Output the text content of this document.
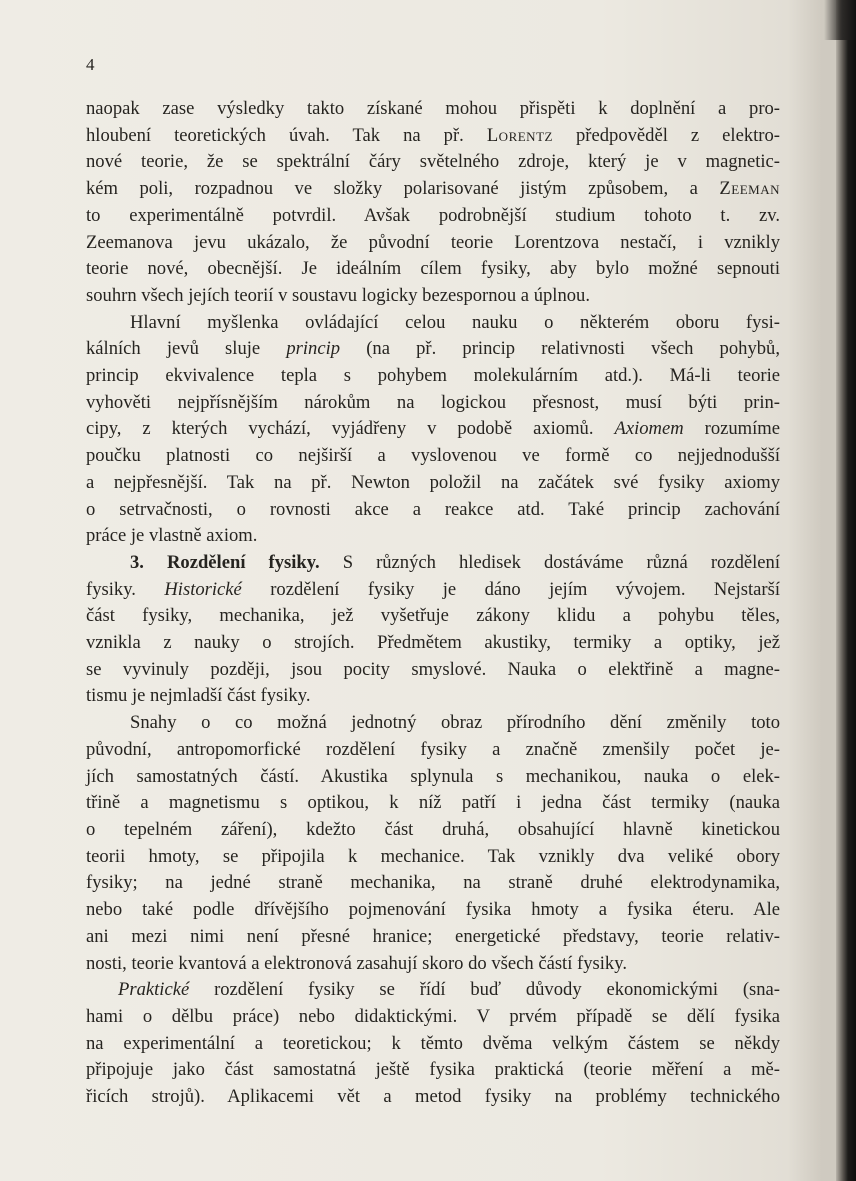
4
naopak zase výsledky takto získané mohou přispěti k doplnění a pro-
hloubení teoretických úvah. Tak na př. Lorentz předpověděl z elektro-
nové teorie, že se spektrální čáry světelného zdroje, který je v magnetic-
kém poli, rozpadnou ve složky polarisované jistým způsobem, a Zeeman
to experimentálně potvrdil. Avšak podrobnější studium tohoto t. zv.
Zeemanova jevu ukázalo, že původní teorie Lorentzova nestačí, i vznikly
teorie nové, obecnější. Je ideálním cílem fysiky, aby bylo možné sepnouti
souhrn všech jejích teorií v soustavu logicky bezespornou a úplnou.
Hlavní myšlenka ovládající celou nauku o některém oboru fysi-
kálních jevů sluje princip (na př. princip relativnosti všech pohybů,
princip ekvivalence tepla s pohybem molekulárním atd.). Má-li teorie
vyhověti nejpřísnějším nárokům na logickou přesnost, musí býti prin-
cipy, z kterých vychází, vyjádřeny v podobě axiomů. Axiomem rozumíme
poučku platnosti co nejširší a vyslovenou ve formě co nejjednodušší
a nejpřesnější. Tak na př. Newton položil na začátek své fysiky axiomy
o setrvačnosti, o rovnosti akce a reakce atd. Také princip zachování
práce je vlastně axiom.
3. Rozdělení fysiky. S různých hledisek dostáváme různá rozdělení
fysiky. Historické rozdělení fysiky je dáno jejím vývojem. Nejstarší
část fysiky, mechanika, jež vyšetřuje zákony klidu a pohybu těles,
vznikla z nauky o strojích. Předmětem akustiky, termiky a optiky, jež
se vyvinuly později, jsou pocity smyslové. Nauka o elektřině a magne-
tismu je nejmladší část fysiky.
Snahy o co možná jednotný obraz přírodního dění změnily toto
původní, antropomorfické rozdělení fysiky a značně zmenšily počet je-
jích samostatných částí. Akustika splynula s mechanikou, nauka o elek-
třině a magnetismu s optikou, k níž patří i jedna část termiky (nauka
o tepelném záření), kdežto část druhá, obsahující hlavně kinetickou
teorii hmoty, se připojila k mechanice. Tak vznikly dva veliké obory
fysiky; na jedné straně mechanika, na straně druhé elektrodynamika,
nebo také podle dřívějšího pojmenování fysika hmoty a fysika éteru. Ale
ani mezi nimi není přesné hranice; energetické představy, teorie relativ-
nosti, teorie kvantová a elektronová zasahují skoro do všech částí fysiky.
Praktické rozdělení fysiky se řídí buď důvody ekonomickými (sna-
hami o dělbu práce) nebo didaktickými. V prvém případě se dělí fysika
na experimentální a teoretickou; k těmto dvěma velkým částem se někdy
připojuje jako část samostatná ještě fysika praktická (teorie měření a mě-
řicích strojů). Aplikacemi vět a metod fysiky na problémy technického
